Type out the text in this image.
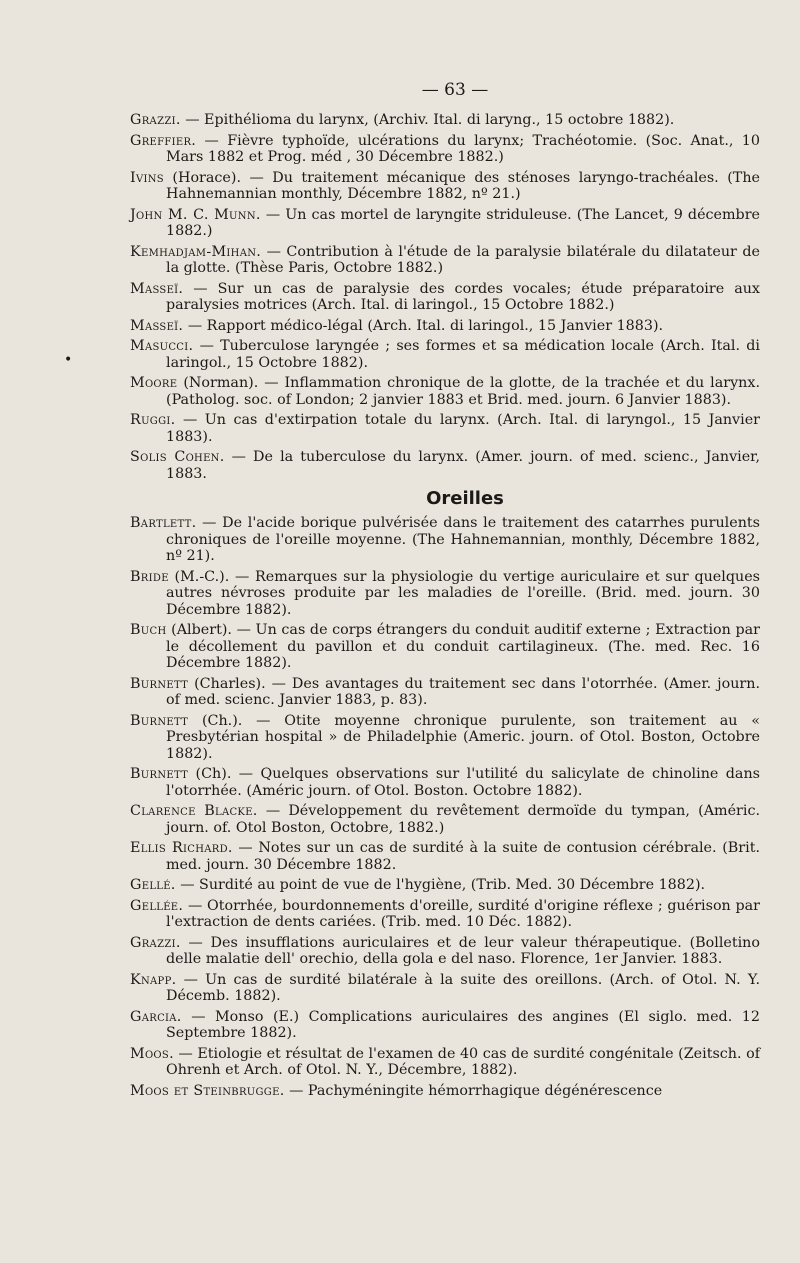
•
— 63 —

Grazzi. — Epithélioma du larynx, (Archiv. Ital. di laryng., 15 octobre 1882).

Greffier. — Fièvre typhoïde, ulcérations du larynx; Trachéotomie. (Soc. Anat., 10 Mars 1882 et Prog. méd , 30 Décembre 1882.)

Ivins (Horace). — Du traitement mécanique des sténoses laryngo-trachéales. (The Hahnemannian monthly, Décembre 1882, nº 21.)

John M. C. Munn. — Un cas mortel de laryngite striduleuse. (The Lancet, 9 décembre 1882.)

Kemhadjam-Mihan. — Contribution à l'étude de la paralysie bilatérale du dilatateur de la glotte. (Thèse Paris, Octobre 1882.)

Masseï. — Sur un cas de paralysie des cordes vocales; étude préparatoire aux paralysies motrices (Arch. Ital. di laringol., 15 Octobre 1882.)

Masseï. — Rapport médico-légal (Arch. Ital. di laringol., 15 Janvier 1883).

Masucci. — Tuberculose laryngée ; ses formes et sa médication locale (Arch. Ital. di laringol., 15 Octobre 1882).

Moore (Norman). — Inflammation chronique de la glotte, de la trachée et du larynx. (Patholog. soc. of London; 2 janvier 1883 et Brid. med. journ. 6 Janvier 1883).

Ruggi. — Un cas d'extirpation totale du larynx. (Arch. Ital. di laryngol., 15 Janvier 1883).

Solis Cohen. — De la tuberculose du larynx. (Amer. journ. of med. scienc., Janvier, 1883.

Oreilles

Bartlett. — De l'acide borique pulvérisée dans le traitement des catarrhes purulents chroniques de l'oreille moyenne. (The Hahnemannian, monthly, Décembre 1882, nº 21).

Bride (M.-C.). — Remarques sur la physiologie du vertige auriculaire et sur quelques autres névroses produite par les maladies de l'oreille. (Brid. med. journ. 30 Décembre 1882).

Buch (Albert). — Un cas de corps étrangers du conduit auditif externe ; Extraction par le décollement du pavillon et du conduit cartilagineux. (The. med. Rec. 16 Décembre 1882).

Burnett (Charles). — Des avantages du traitement sec dans l'otorrhée. (Amer. journ. of med. scienc. Janvier 1883, p. 83).

Burnett (Ch.). — Otite moyenne chronique purulente, son traitement au « Presbytérian hospital » de Philadelphie (Americ. journ. of Otol. Boston, Octobre 1882).

Burnett (Ch). — Quelques observations sur l'utilité du salicylate de chinoline dans l'otorrhée. (Améric journ. of Otol. Boston. Octobre 1882).

Clarence Blacke. — Développement du revêtement dermoïde du tympan, (Améric. journ. of. Otol Boston, Octobre, 1882.)

Ellis Richard. — Notes sur un cas de surdité à la suite de contusion cérébrale. (Brit. med. journ. 30 Décembre 1882.

Gellé. — Surdité au point de vue de l'hygiène, (Trib. Med. 30 Décembre 1882).

Gellée. — Otorrhée, bourdonnements d'oreille, surdité d'origine réflexe ; guérison par l'extraction de dents cariées. (Trib. med. 10 Déc. 1882).

Grazzi. — Des insufflations auriculaires et de leur valeur thérapeutique. (Bolletino delle malatie dell' orechio, della gola e del naso. Florence, 1er Janvier. 1883.

Knapp. — Un cas de surdité bilatérale à la suite des oreillons. (Arch. of Otol. N. Y. Décemb. 1882).

Garcia. — Monso (E.) Complications auriculaires des angines (El siglo. med. 12 Septembre 1882).

Moos. — Etiologie et résultat de l'examen de 40 cas de surdité congénitale (Zeitsch. of Ohrenh et Arch. of Otol. N. Y., Décembre, 1882).

Moos et Steinbrugge. — Pachyméningite hémorrhagique dégénérescence
